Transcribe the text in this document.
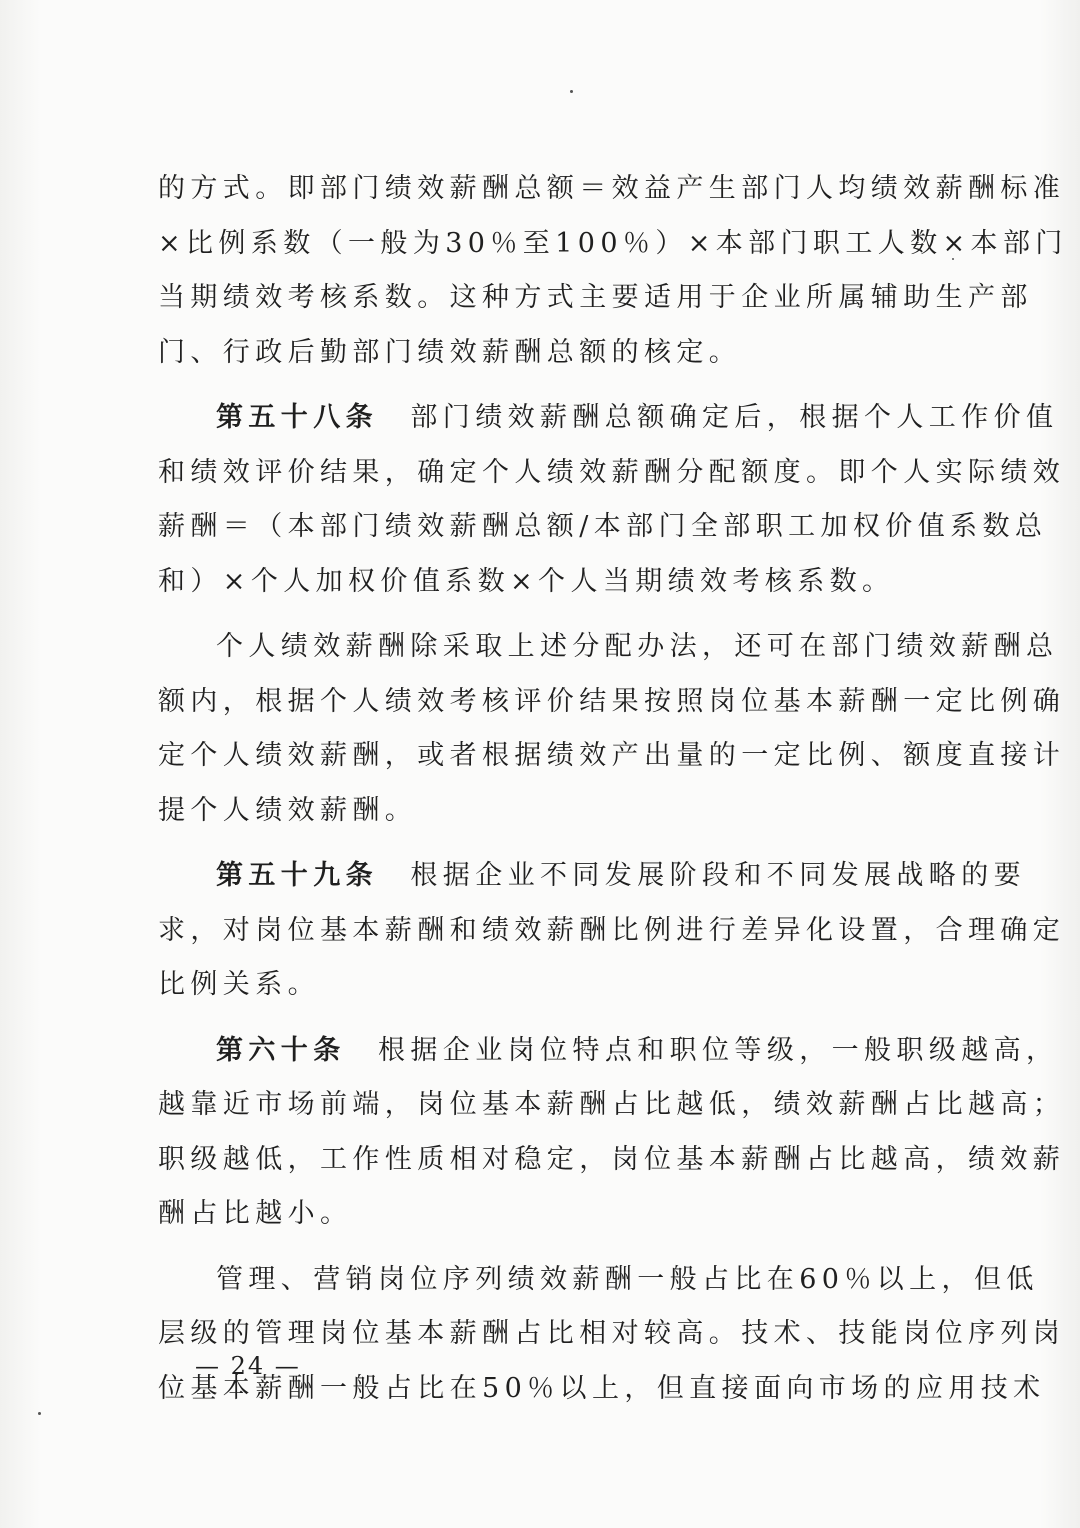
的方式。即部门绩效薪酬总额＝效益产生部门人均绩效薪酬标准
×比例系数（一般为30％至100％）×本部门职工人数×本部门
当期绩效考核系数。这种方式主要适用于企业所属辅助生产部
门、行政后勤部门绩效薪酬总额的核定。
第五十八条　 部门绩效薪酬总额确定后，根据个人工作价值
和绩效评价结果，确定个人绩效薪酬分配额度。即个人实际绩效
薪酬＝（本部门绩效薪酬总额/本部门全部职工加权价值系数总
和）×个人加权价值系数×个人当期绩效考核系数。
个人绩效薪酬除采取上述分配办法，还可在部门绩效薪酬总
额内，根据个人绩效考核评价结果按照岗位基本薪酬一定比例确
定个人绩效薪酬，或者根据绩效产出量的一定比例、额度直接计
提个人绩效薪酬。
第五十九条　 根据企业不同发展阶段和不同发展战略的要
求，对岗位基本薪酬和绩效薪酬比例进行差异化设置，合理确定
比例关系。
第六十条　 根据企业岗位特点和职位等级，一般职级越高，
越靠近市场前端，岗位基本薪酬占比越低，绩效薪酬占比越高；
职级越低，工作性质相对稳定，岗位基本薪酬占比越高，绩效薪
酬占比越小。
管理、营销岗位序列绩效薪酬一般占比在60％以上，但低
层级的管理岗位基本薪酬占比相对较高。技术、技能岗位序列岗
位基本薪酬一般占比在50％以上，但直接面向市场的应用技术
— 24 —
